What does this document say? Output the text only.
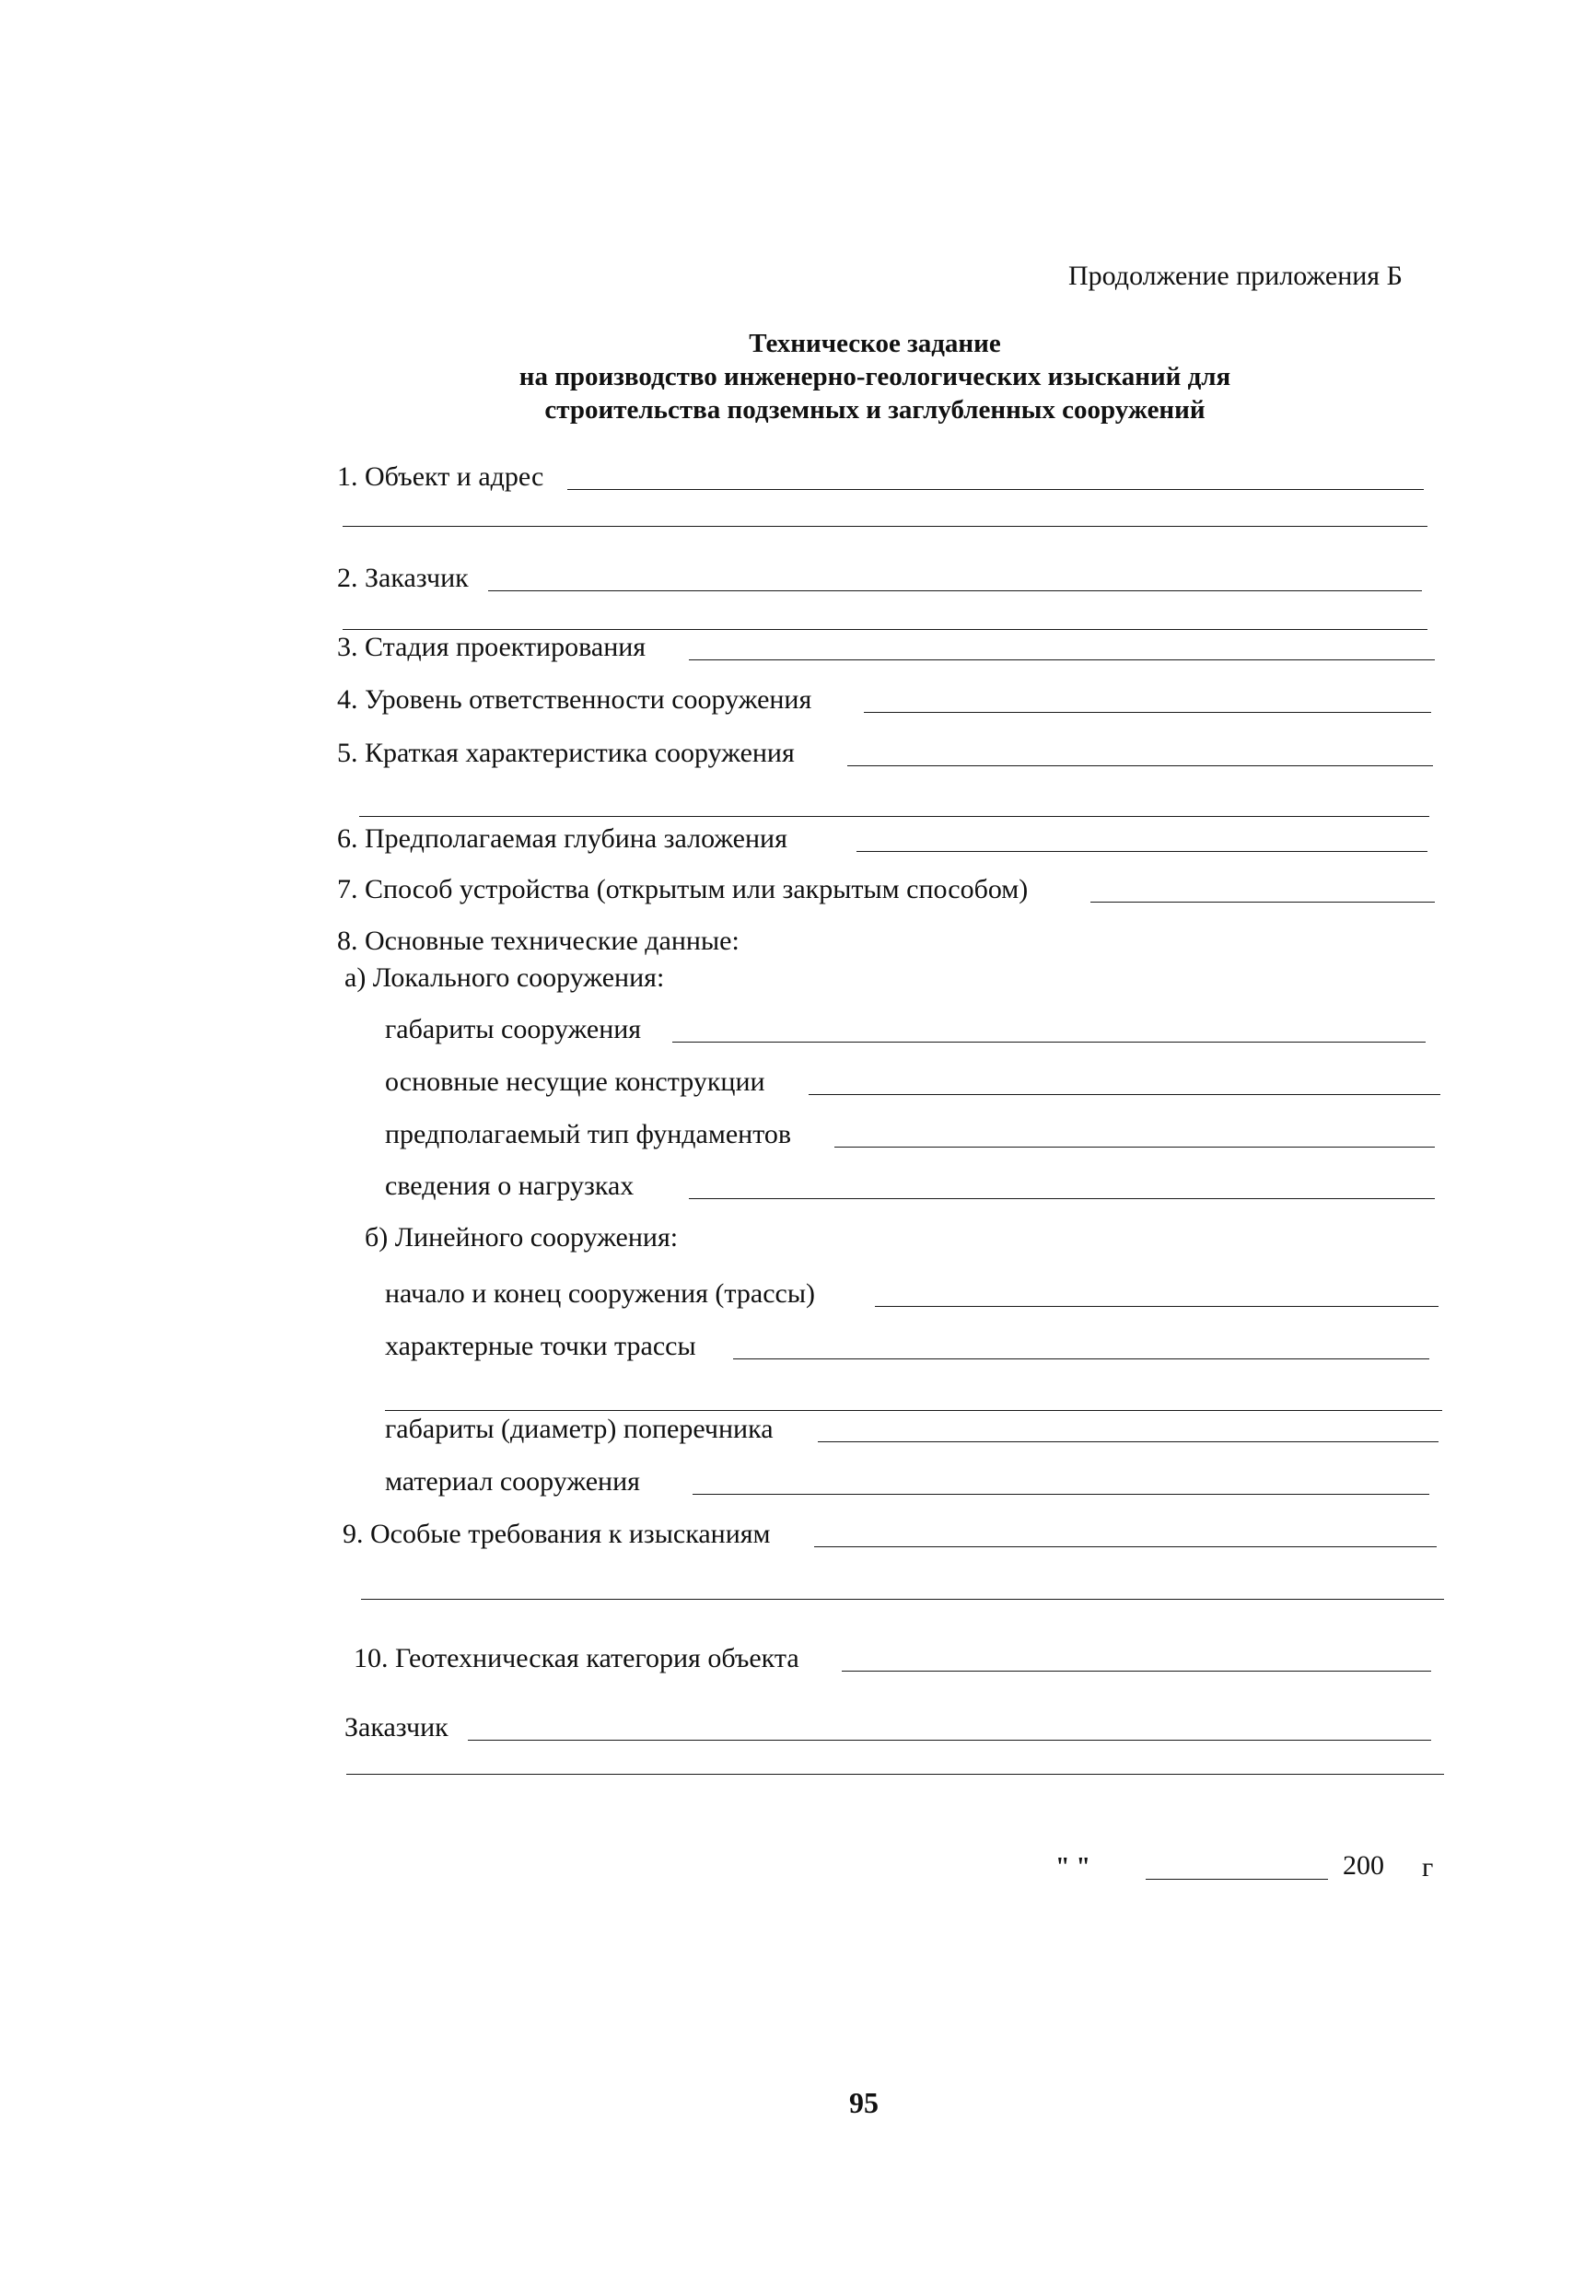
Продолжение приложения Б
Техническое задание
на производство инженерно-геологических изысканий для
строительства подземных и заглубленных сооружений
1. Объект и адрес
2. Заказчик
3. Стадия проектирования
4. Уровень ответственности сооружения
5. Краткая характеристика сооружения
6. Предполагаемая глубина заложения
7. Способ устройства (открытым или закрытым способом)
8. Основные технические данные:
а) Локального сооружения:
габариты сооружения
основные несущие конструкции
предполагаемый тип фундаментов
сведения о нагрузках
б) Линейного сооружения:
начало и конец сооружения (трассы)
характерные точки трассы
габариты (диаметр) поперечника
материал сооружения
9. Особые требования к изысканиям
10. Геотехническая категория объекта
Заказчик
" "	200 г
95
